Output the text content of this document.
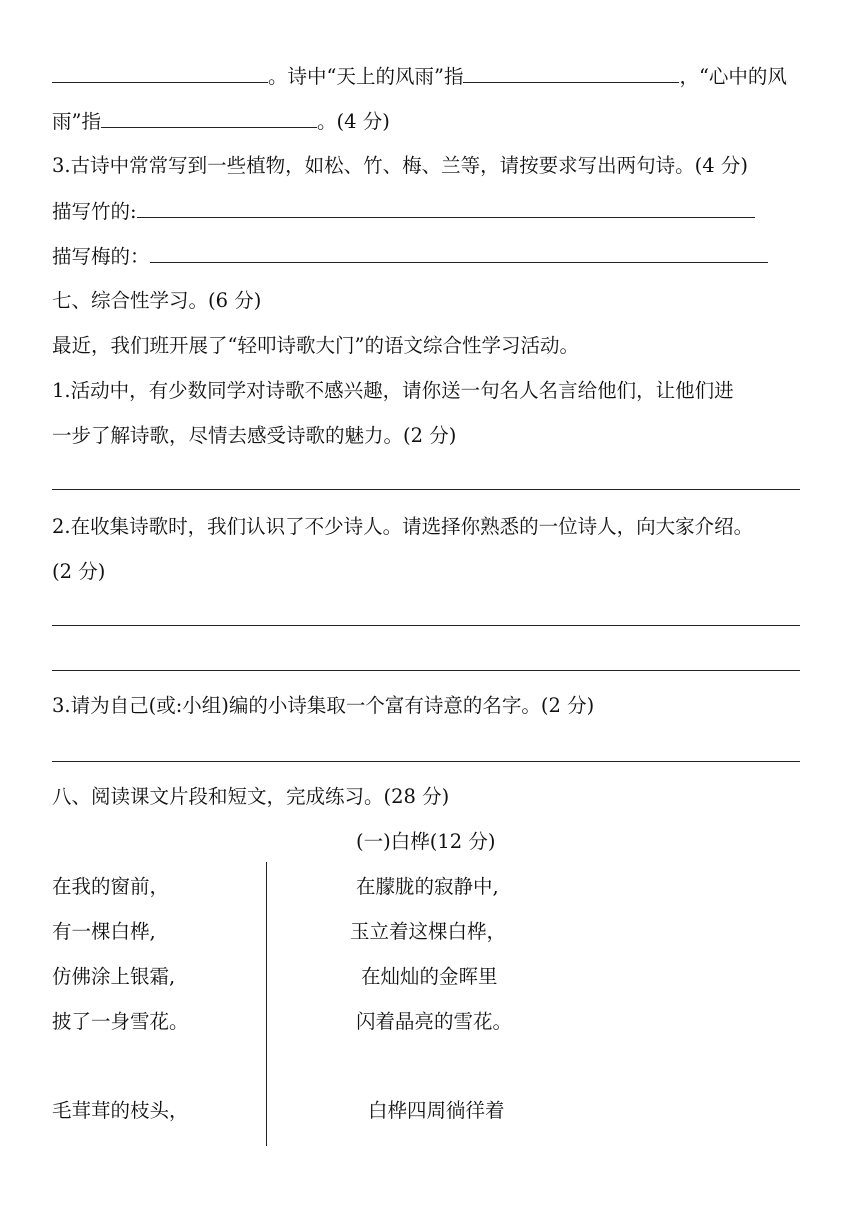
。诗中“天上的风雨”指	，“心中的风
雨”指	。(4 分)
3.古诗中常常写到一些植物，如松、竹、梅、兰等，请按要求写出两句诗。(4 分)
描写竹的:
描写梅的：
七、综合性学习。(6 分)
最近，我们班开展了“轻叩诗歌大门”的语文综合性学习活动。
1.活动中，有少数同学对诗歌不感兴趣，请你送一句名人名言给他们，让他们进
一步了解诗歌，尽情去感受诗歌的魅力。(2 分)
2.在收集诗歌时，我们认识了不少诗人。请选择你熟悉的一位诗人，向大家介绍。
(2 分)
3.请为自己(或:小组)编的小诗集取一个富有诗意的名字。(2 分)
八、阅读课文片段和短文，完成练习。(28 分)
(一)白桦(12 分)
在我的窗前，
有一棵白桦,
仿佛涂上银霜,
披了一身雪花。
毛茸茸的枝头，
在朦胧的寂静中,
玉立着这棵白桦，
在灿灿的金晖里
闪着晶亮的雪花。
白桦四周徜徉着
